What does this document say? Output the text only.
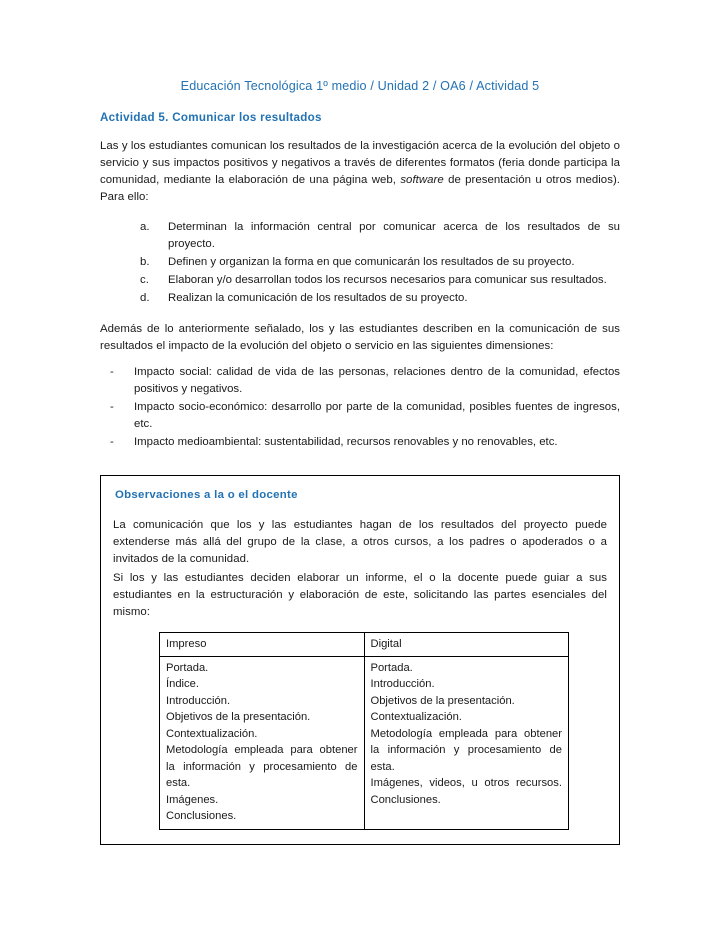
Educación Tecnológica 1º medio / Unidad 2 / OA6 / Actividad 5
Actividad 5. Comunicar los resultados

Las y los estudiantes comunican los resultados de la investigación acerca de la evolución del objeto o servicio y sus impactos positivos y negativos a través de diferentes formatos (feria donde participa la comunidad, mediante la elaboración de una página web, software de presentación u otros medios). Para ello:

Determinan la información central por comunicar acerca de los resultados de su proyecto.
Definen y organizan la forma en que comunicarán los resultados de su proyecto.
Elaboran y/o desarrollan todos los recursos necesarios para comunicar sus resultados.
Realizan la comunicación de los resultados de su proyecto.

Además de lo anteriormente señalado, los y las estudiantes describen en la comunicación de sus resultados el impacto de la evolución del objeto o servicio en las siguientes dimensiones:

- Impacto social: calidad de vida de las personas, relaciones dentro de la comunidad, efectos positivos y negativos.
- Impacto socio-económico: desarrollo por parte de la comunidad, posibles fuentes de ingresos, etc.
- Impacto medioambiental: sustentabilidad, recursos renovables y no renovables, etc.
Observaciones a la o el docente

La comunicación que los y las estudiantes hagan de los resultados del proyecto puede extenderse más allá del grupo de la clase, a otros cursos, a los padres o apoderados o a invitados de la comunidad.

Si los y las estudiantes deciden elaborar un informe, el o la docente puede guiar a sus estudiantes en la estructuración y elaboración de este, solicitando las partes esenciales del mismo:

Impreso	Digital

Portada.
Índice.
Introducción.
Objetivos de la presentación.
Contextualización.
Metodología empleada para obtener la información y procesamiento de esta.
Imágenes.
Conclusiones.

Portada.
Introducción.
Objetivos de la presentación.
Contextualización.
Metodología empleada para obtener la información y procesamiento de esta.
Imágenes, videos, u otros recursos.
Conclusiones.
